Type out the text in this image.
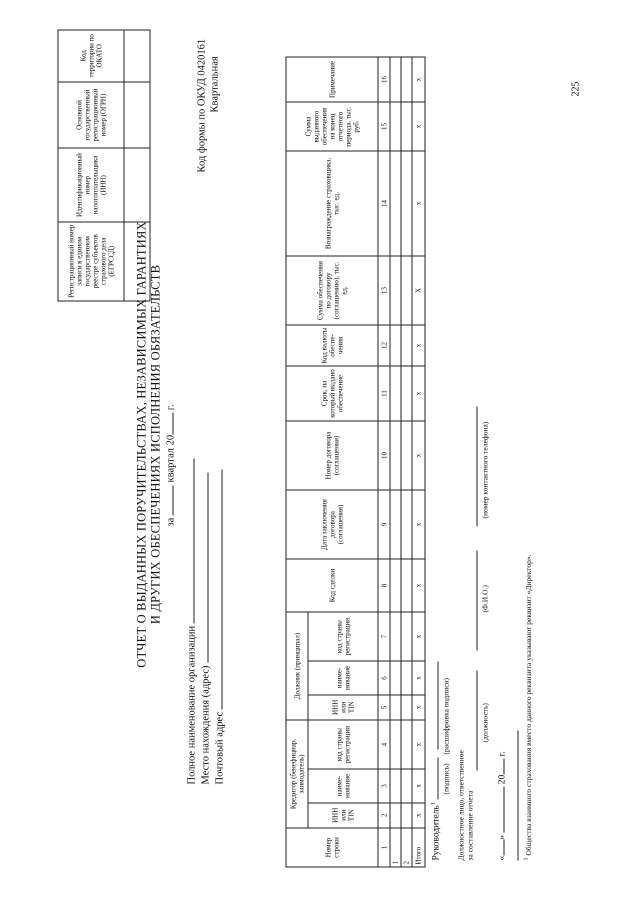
225
Регистрационный номер записи в едином государственном реестре субъектов страхового дела (ЕГРССД)	Идентификационный номер налогоплательщика (ИНН)	Основной государственный регистрационный номер (ОГРН)	Код территории по ОКАТО

ОТЧЕТ О ВЫДАННЫХ ПОРУЧИТЕЛЬСТВАХ, НЕЗАВИСИМЫХ ГАРАНТИЯХ И ДРУГИХ ОБЕСПЕЧЕНИЯХ ИСПОЛНЕНИЯ ОБЯЗАТЕЛЬСТВ за  квартал 20 г.
Код формы по ОКУД 0420161 Квартальная
Полное наименование организации Место нахождения (адрес) Почтовый адрес
Номер строки	Кредитор (бенефициар, заимодатель)			Должник (принципал)			Код сделки	Дата заключения договора (соглашения)	Номер договора (соглашения)	Срок, на который выдано обеспечение	Код валюты обеспе-чения	Сумма обеспечения по договору (соглашению), тыс. ед.	Вознаграждение страховщика, тыс. ед.	Сумма выданного обеспечения на конец отчетного периода, тыс. руб.	Примечание
	ИНН или TIN	наиме-нование	код страны регистрации	ИНН или TIN	наиме-нование	код страны регистрации									
1	2	3	4	5	6	7	8	9	10	11	12	13	14	15	16
1															
2															
Итого	x	x	x	x	x	x	x	x	x	x	x	X	x	x	x
Руководитель$^1$
(подпись)
(расшифровка подписи)
Должностное лицо, ответственное за составление отчета
(должность)
(Ф.И.О.)
(номер контактного телефона)
«»  20 г.
$^1$ Общества взаимного страхования вместо данного реквизита указывают реквизит «Директор».
